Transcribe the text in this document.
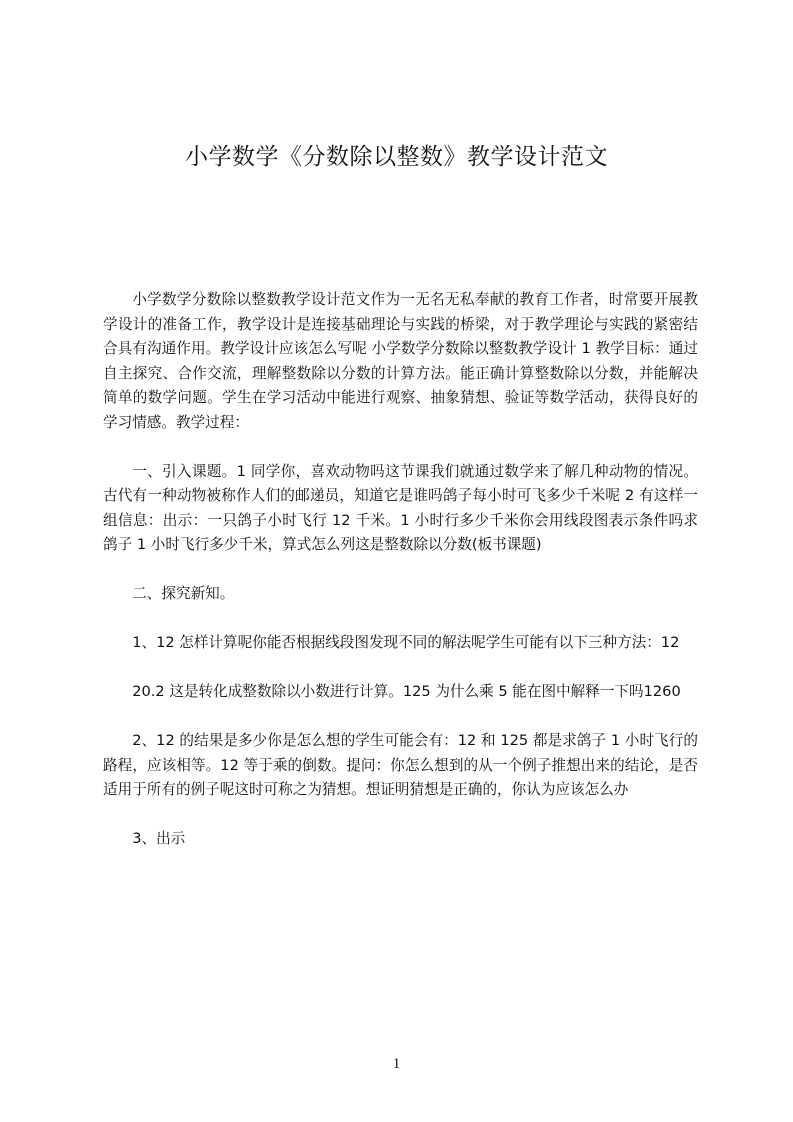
小学数学《分数除以整数》教学设计范文

小学数学分数除以整数教学设计范文作为一无名无私奉献的教育工作者，时常要开展教学设计的准备工作，教学设计是连接基础理论与实践的桥梁，对于教学理论与实践的紧密结合具有沟通作用。教学设计应该怎么写呢 小学数学分数除以整数教学设计 1 教学目标：通过自主探究、合作交流，理解整数除以分数的计算方法。能正确计算整数除以分数，并能解决简单的数学问题。学生在学习活动中能进行观察、抽象猜想、验证等数学活动，获得良好的学习情感。教学过程：

一、引入课题。1 同学你，喜欢动物吗这节课我们就通过数学来了解几种动物的情况。古代有一种动物被称作人们的邮递员，知道它是谁吗鸽子每小时可飞多少千米呢 2 有这样一组信息：出示：一只鸽子小时飞行 12 千米。1 小时行多少千米你会用线段图表示条件吗求鸽子 1 小时飞行多少千米，算式怎么列这是整数除以分数(板书课题)

二、探究新知。

1、12 怎样计算呢你能否根据线段图发现不同的解法呢学生可能有以下三种方法：12

20.2 这是转化成整数除以小数进行计算。125 为什么乘 5 能在图中解释一下吗1260

2、12 的结果是多少你是怎么想的学生可能会有：12 和 125 都是求鸽子 1 小时飞行的路程，应该相等。12 等于乘的倒数。提问：你怎么想到的从一个例子推想出来的结论，是否适用于所有的例子呢这时可称之为猜想。想证明猜想是正确的，你认为应该怎么办

3、出示

1
